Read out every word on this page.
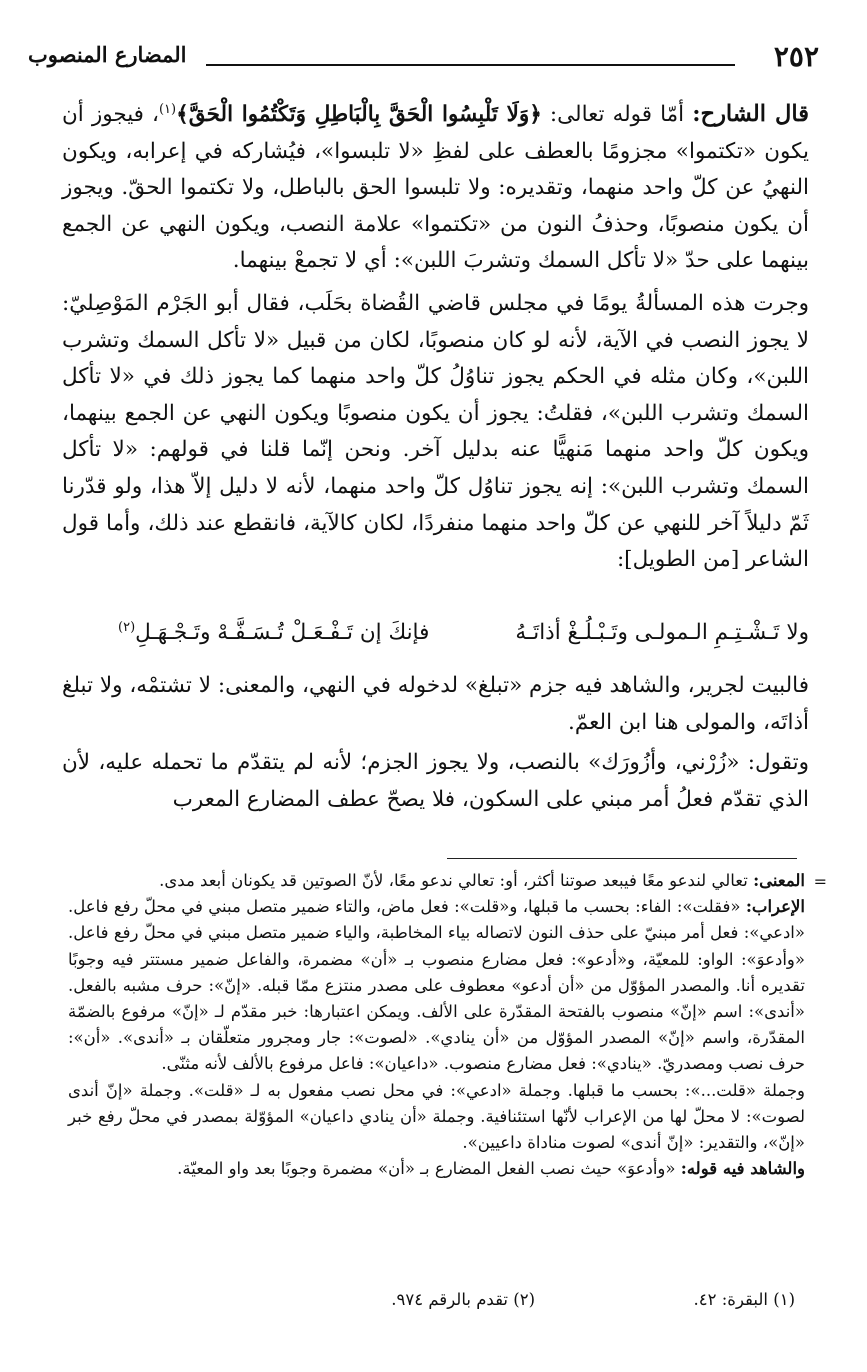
٢٥٢
المضارع المنصوب

قال الشارح: أمّا قوله تعالى: ﴿وَلَا تَلْبِسُوا الْحَقَّ بِالْبَاطِلِ وَتَكْتُمُوا الْحَقَّ﴾$^{(١)}$، فيجوز أن يكون «تكتموا» مجزومًا بالعطف على لفظِ «لا تلبسوا»، فيُشاركه في إعرابه، ويكون النهيُ عن كلّ واحد منهما، وتقديره: ولا تلبسوا الحق بالباطل، ولا تكتموا الحقّ. ويجوز أن يكون منصوبًا، وحذفُ النون من «تكتموا» علامة النصب، ويكون النهي عن الجمع بينهما على حدّ «لا تأكل السمك وتشربَ اللبن»: أي لا تجمعْ بينهما.

وجرت هذه المسألةُ يومًا في مجلس قاضي القُضاة بحَلَب، فقال أبو الجَرْم المَوْصِليّ: لا يجوز النصب في الآية، لأنه لو كان منصوبًا، لكان من قبيل «لا تأكل السمك وتشرب اللبن»، وكان مثله في الحكم يجوز تناوُلُ كلّ واحد منهما كما يجوز ذلك في «لا تأكل السمك وتشرب اللبن»، فقلتُ: يجوز أن يكون منصوبًا ويكون النهي عن الجمع بينهما، ويكون كلّ واحد منهما مَنهيًّا عنه بدليل آخر. ونحن إنّما قلنا في قولهم: «لا تأكل السمك وتشرب اللبن»: إنه يجوز تناوُل كلّ واحد منهما، لأنه لا دليل إلاّ هذا، ولو قدّرنا ثَمّ دليلاً آخر للنهي عن كلّ واحد منهما منفردًا، لكان كالآية، فانقطع عند ذلك، وأما قول الشاعر [من الطويل]:

ولا تَـشْـتِـمِ الـمولـى وتَـبْـلُـغْ أذاتَـهُ
فإنكَ إن تَـفْـعَـلْ تُـسَـفَّـهْ وتَـجْـهَـلِ$^{(٢)}$

فالبيت لجرير، والشاهد فيه جزم «تبلغ» لدخوله في النهي، والمعنى: لا تشتمْه، ولا تبلغ أذاتَه، والمولى هنا ابن العمّ.

وتقول: «زُرْني، وأزُورَك» بالنصب، ولا يجوز الجزم؛ لأنه لم يتقدّم ما تحمله عليه، لأن الذي تقدّم فعلُ أمر مبني على السكون، فلا يصحّ عطف المضارع المعرب

=

المعنى: تعالي لندعو معًا فيبعد صوتنا أكثر، أو: تعالي ندعو معًا، لأنّ الصوتين قد يكونان أبعد مدى.

الإعراب: «فقلت»: الفاء: بحسب ما قبلها، و«قلت»: فعل ماض، والتاء ضمير متصل مبني في محلّ رفع فاعل. «ادعي»: فعل أمر مبنيّ على حذف النون لاتصاله بياء المخاطبة، والياء ضمير متصل مبني في محلّ رفع فاعل. «وأدعوَ»: الواو: للمعيّة، و«أدعو»: فعل مضارع منصوب بـ «أن» مضمرة، والفاعل ضمير مستتر فيه وجوبًا تقديره أنا. والمصدر المؤوّل من «أن أدعو» معطوف على مصدر منتزع ممّا قبله. «إنّ»: حرف مشبه بالفعل. «أندى»: اسم «إنّ» منصوب بالفتحة المقدّرة على الألف. ويمكن اعتبارها: خبر مقدّم لـ «إنّ» مرفوع بالضمّة المقدّرة، واسم «إنّ» المصدر المؤوّل من «أن ينادي». «لصوت»: جار ومجرور متعلّقان بـ «أندى». «أن»: حرف نصب ومصدريّ. «ينادي»: فعل مضارع منصوب. «داعيان»: فاعل مرفوع بالألف لأنه مثنّى.

وجملة «قلت...»: بحسب ما قبلها. وجملة «ادعي»: في محل نصب مفعول به لـ «قلت». وجملة «إنّ أندى لصوت»: لا محلّ لها من الإعراب لأنّها استئنافية. وجملة «أن ينادي داعيان» المؤوّلة بمصدر في محلّ رفع خبر «إنّ»، والتقدير: «إنّ أندى» لصوت مناداة داعيين».

والشاهد فيه قوله: «وأدعوَ» حيث نصب الفعل المضارع بـ «أن» مضمرة وجوبًا بعد واو المعيّة.

(١) البقرة: ٤٢.
(٢) تقدم بالرقم ٩٧٤.
